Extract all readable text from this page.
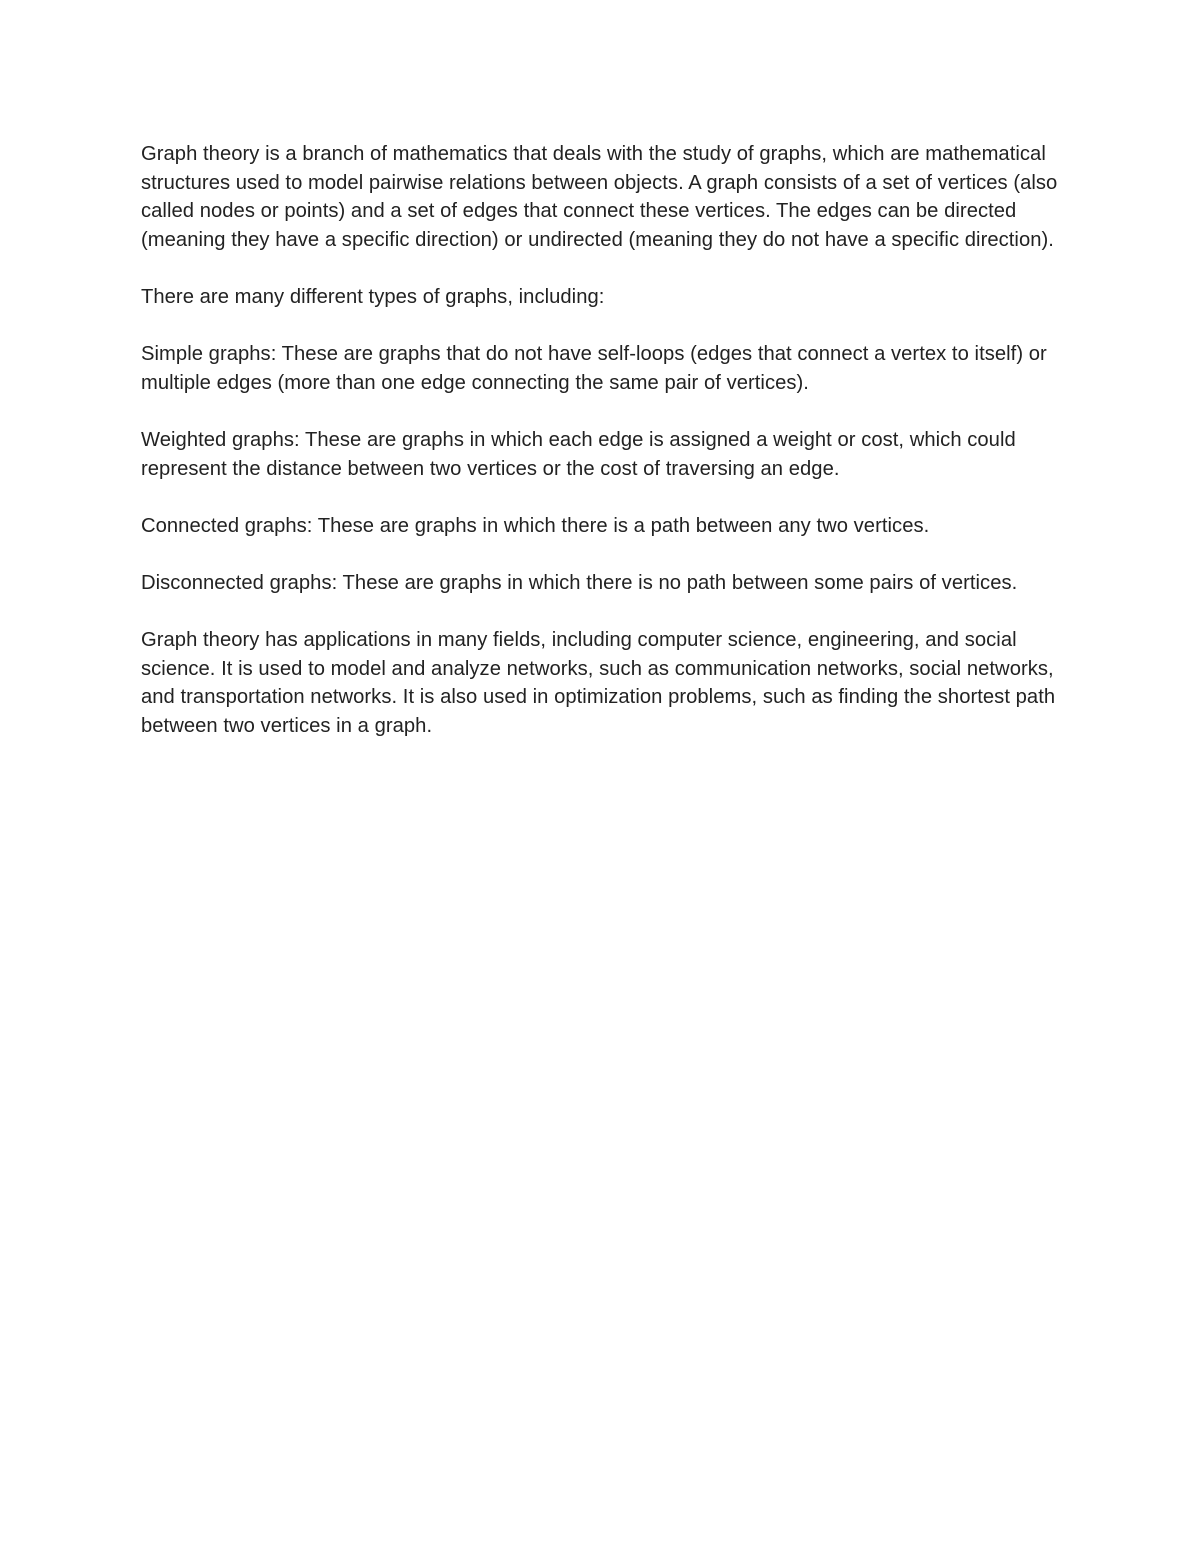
Graph theory is a branch of mathematics that deals with the study of graphs, which are mathematical structures used to model pairwise relations between objects. A graph consists of a set of vertices (also called nodes or points) and a set of edges that connect these vertices. The edges can be directed (meaning they have a specific direction) or undirected (meaning they do not have a specific direction).

There are many different types of graphs, including:

Simple graphs: These are graphs that do not have self-loops (edges that connect a vertex to itself) or multiple edges (more than one edge connecting the same pair of vertices).

Weighted graphs: These are graphs in which each edge is assigned a weight or cost, which could represent the distance between two vertices or the cost of traversing an edge.

Connected graphs: These are graphs in which there is a path between any two vertices.

Disconnected graphs: These are graphs in which there is no path between some pairs of vertices.

Graph theory has applications in many fields, including computer science, engineering, and social science. It is used to model and analyze networks, such as communication networks, social networks, and transportation networks. It is also used in optimization problems, such as finding the shortest path between two vertices in a graph.
